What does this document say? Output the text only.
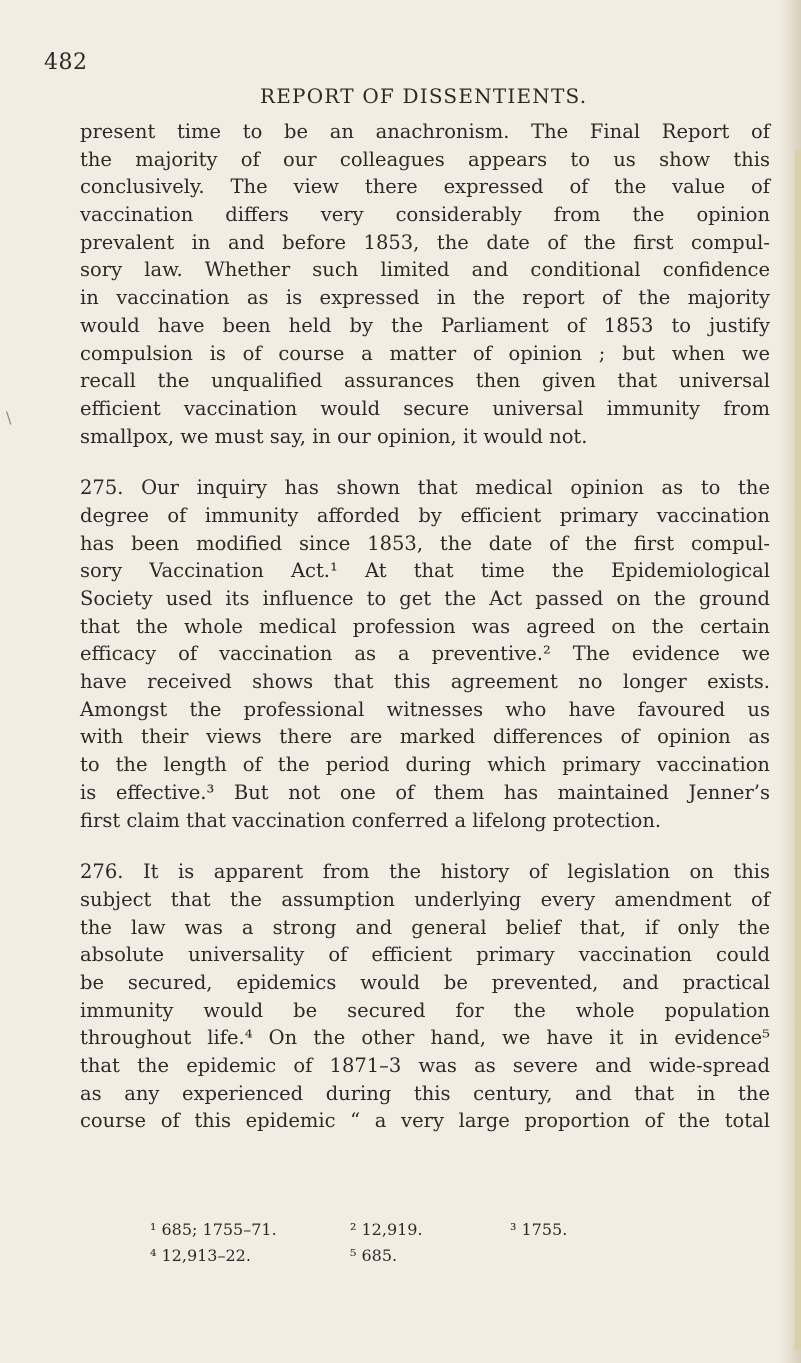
482
REPORT OF DISSENTIENTS.
\
present time to be an anachronism. The Final Report of
the majority of our colleagues appears to us show this
conclusively. The view there expressed of the value of
vaccination differs very considerably from the opinion
prevalent in and before 1853, the date of the first compul-
sory law. Whether such limited and conditional confidence
in vaccination as is expressed in the report of the majority
would have been held by the Parliament of 1853 to justify
compulsion is of course a matter of opinion ; but when we
recall the unqualified assurances then given that universal
efficient vaccination would secure universal immunity from
smallpox, we must say, in our opinion, it would not.
275. Our inquiry has shown that medical opinion as to the
degree of immunity afforded by efficient primary vaccination
has been modified since 1853, the date of the first compul-
sory Vaccination Act.¹ At that time the Epidemiological
Society used its influence to get the Act passed on the ground
that the whole medical profession was agreed on the certain
efficacy of vaccination as a preventive.² The evidence we
have received shows that this agreement no longer exists.
Amongst the professional witnesses who have favoured us
with their views there are marked differences of opinion as
to the length of the period during which primary vaccination
is effective.³ But not one of them has maintained Jenner’s
first claim that vaccination conferred a lifelong protection.
276. It is apparent from the history of legislation on this
subject that the assumption underlying every amendment of
the law was a strong and general belief that, if only the
absolute universality of efficient primary vaccination could
be secured, epidemics would be prevented, and practical
immunity would be secured for the whole population
throughout life.⁴ On the other hand, we have it in evidence⁵
that the epidemic of 1871–3 was as severe and wide-spread
as any experienced during this century, and that in the
course of this epidemic “ a very large proportion of the total
¹ 685; 1755–71.	² 12,919.	³ 1755.
⁴ 12,913–22.	⁵ 685.
